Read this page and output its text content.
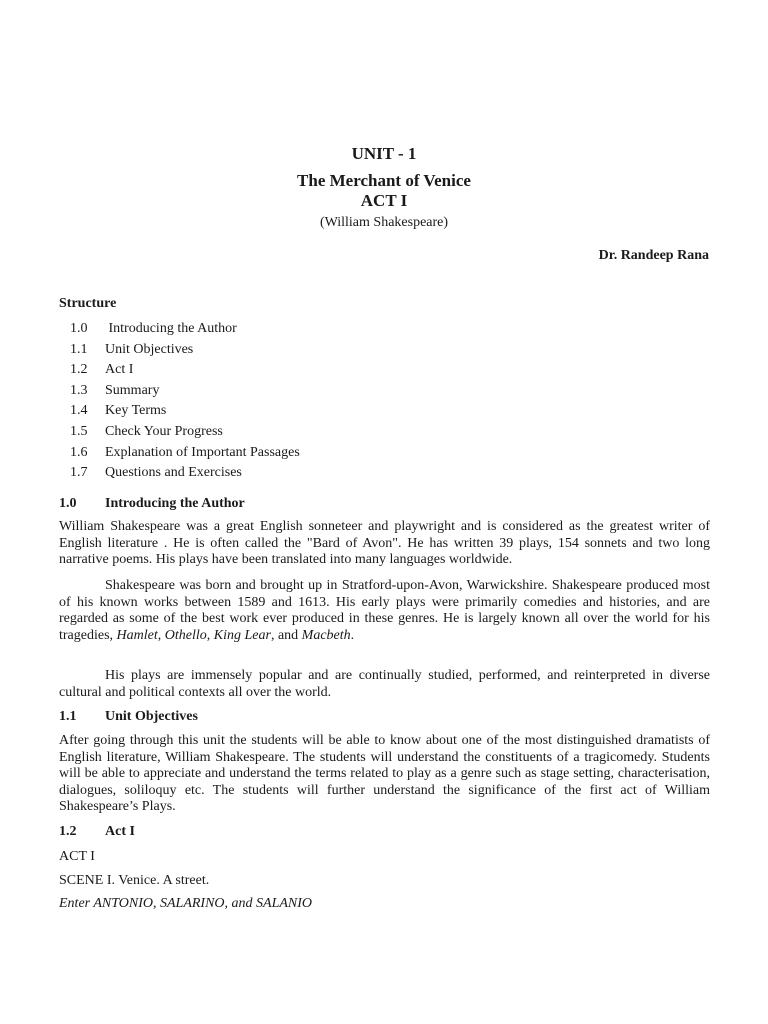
UNIT - 1
The Merchant of Venice
ACT I
(William Shakespeare)
Dr. Randeep Rana
Structure
1.0 Introducing the Author
1.1 Unit Objectives
1.2 Act I
1.3 Summary
1.4 Key Terms
1.5 Check Your Progress
1.6 Explanation of Important Passages
1.7 Questions and Exercises
1.0 Introducing the Author

William Shakespeare was a great English sonneteer and playwright and is considered as the greatest writer of English literature . He is often called the "Bard of Avon". He has written 39 plays, 154 sonnets and two long narrative poems. His plays have been translated into many languages worldwide.

Shakespeare was born and brought up in Stratford-upon-Avon, Warwickshire. Shakespeare produced most of his known works between 1589 and 1613. His early plays were primarily comedies and histories, and are regarded as some of the best work ever produced in these genres. He is largely known all over the world for his tragedies, Hamlet, Othello, King Lear, and Macbeth.

His plays are immensely popular and are continually studied, performed, and reinterpreted in diverse cultural and political contexts all over the world.

1.1 Unit Objectives

After going through this unit the students will be able to know about one of the most distinguished dramatists of English literature, William Shakespeare. The students will understand the constituents of a tragicomedy. Students will be able to appreciate and understand the terms related to play as a genre such as stage setting, characterisation, dialogues, soliloquy etc. The students will further understand the significance of the first act of William Shakespeare’s Plays.

1.2 Act I

ACT I

SCENE I. Venice. A street.

Enter ANTONIO, SALARINO, and SALANIO
